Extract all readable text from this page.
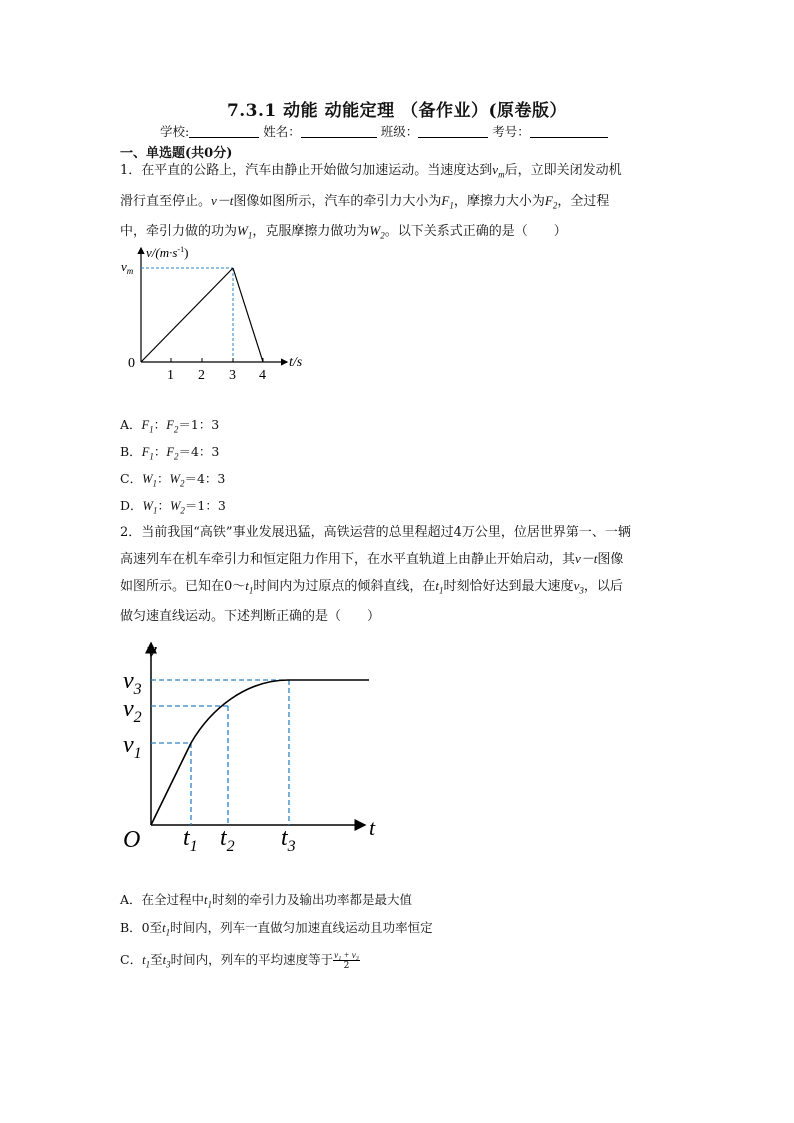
7.3.1 动能 动能定理 （备作业）(原卷版）
学校:	姓名：	班级：	考号：
一、单选题(共0分)
1．在平直的公路上，汽车由静止开始做匀加速运动。当速度达到$v_m$后，立即关闭发动机
滑行直至停止。v－t图像如图所示，汽车的牵引力大小为$F_1$，摩擦力大小为$F_2$，全过程
中，牵引力做的功为$W_1$，克服摩擦力做功为$W_2$。以下关系式正确的是（　　）
$v/(m\cdot s^{-1})$
$v_m$
0	t/s
1 2 3 4
A．$F_1$：$F_2=1$：3
B．$F_1$：$F_2=4$：3
C．$W_1$：$W_2=4$：3
D．$W_1$：$W_2=1$：3
2．当前我国“高铁”事业发展迅猛，高铁运营的总里程超过4万公里，位居世界第一、一辆
高速列车在机车牵引力和恒定阻力作用下，在水平直轨道上由静止开始启动，其v－t图像
如图所示。已知在$0\sim t_1$时间内为过原点的倾斜直线，在$t_1$时刻恰好达到最大速度$v_3$，以后
做匀速直线运动。下述判断正确的是（　　）
v
t
O
$v_3$
$v_2$
$v_1$
$t_1$ $t_2$ $t_3$
A．在全过程中$t_1$时刻的牵引力及输出功率都是最大值
B．0至$t_1$时间内，列车一直做匀加速直线运动且功率恒定
C．$t_1$至$t_3$时间内，列车的平均速度等于 $\frac{\text{v₁ + v₃}}{2}$
